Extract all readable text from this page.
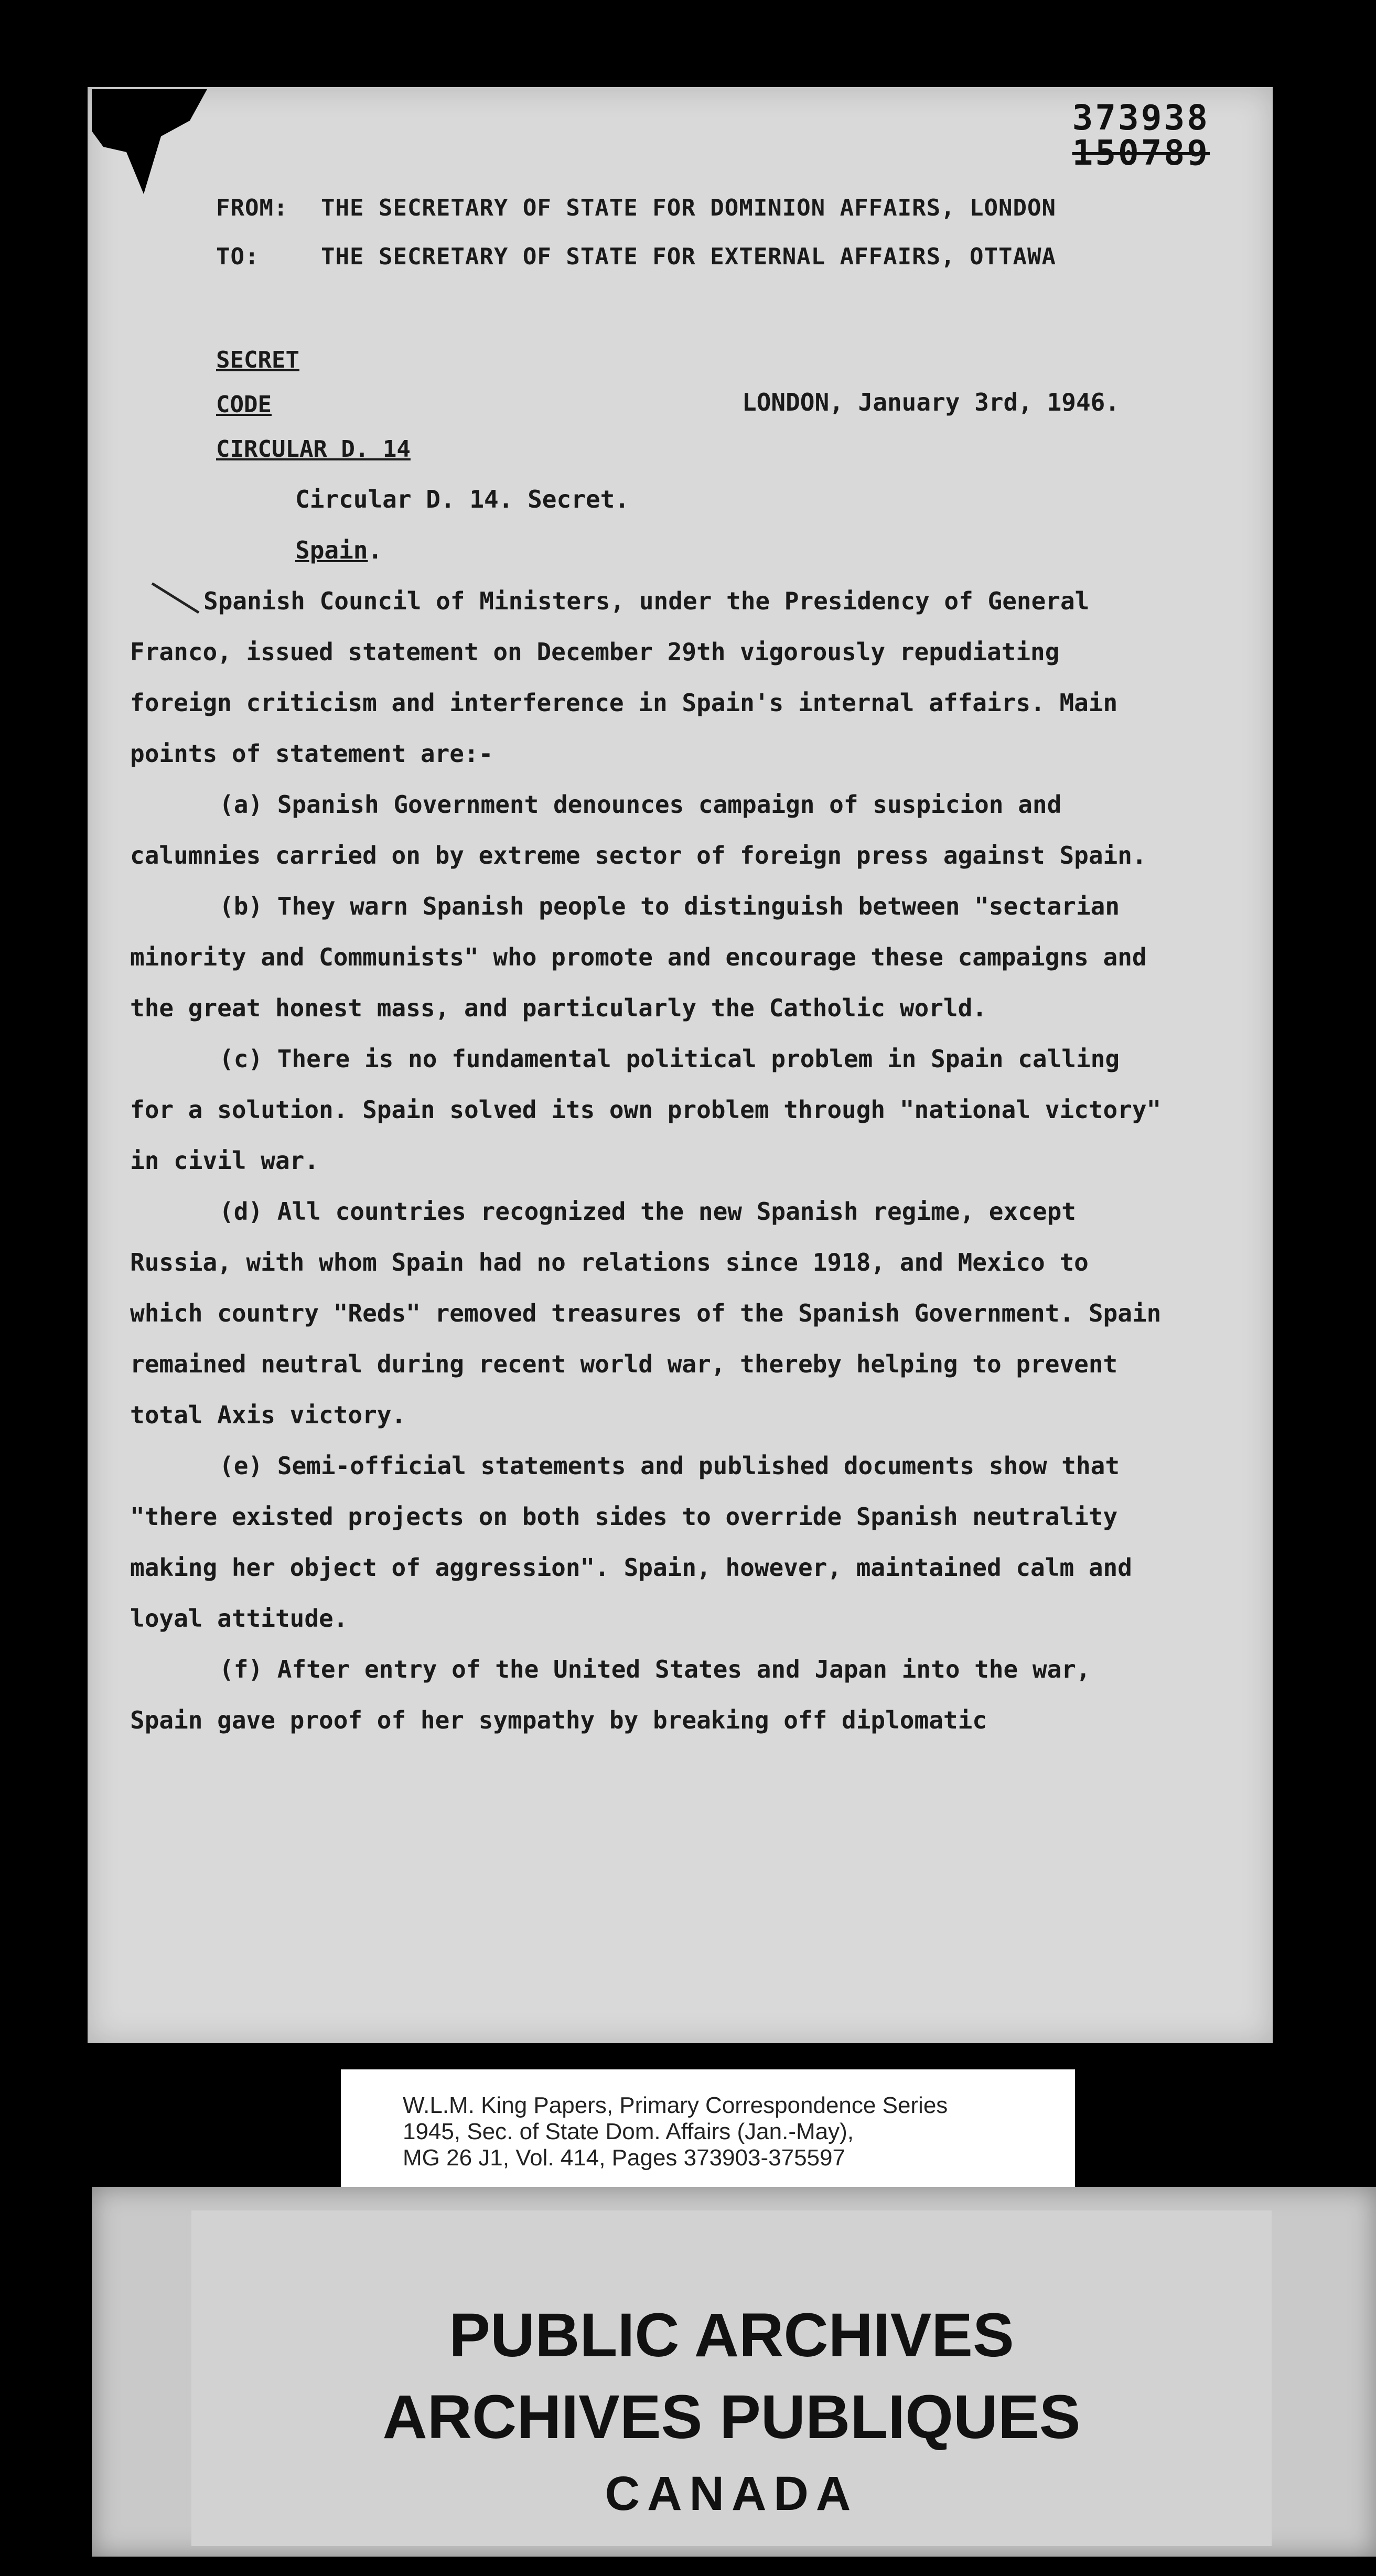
373938
150789
FROM: THE SECRETARY OF STATE FOR DOMINION AFFAIRS, LONDON
TO:	THE SECRETARY OF STATE FOR EXTERNAL AFFAIRS, OTTAWA
SECRET
CODE
CIRCULAR D. 14
LONDON, January 3rd, 1946.

Circular D. 14. Secret.

Spain.

Spanish Council of Ministers, under the Presidency of General Franco, issued statement on December 29th vigorously repudiating foreign criticism and interference in Spain's internal affairs. Main points of statement are:-

(a) Spanish Government denounces campaign of suspicion and calumnies carried on by extreme sector of foreign press against Spain.

(b) They warn Spanish people to distinguish between "sectarian minority and Communists" who promote and encourage these campaigns and the great honest mass, and particularly the Catholic world.

(c) There is no fundamental political problem in Spain calling for a solution. Spain solved its own problem through "national victory" in civil war.

(d) All countries recognized the new Spanish regime, except Russia, with whom Spain had no relations since 1918, and Mexico to which country "Reds" removed treasures of the Spanish Government. Spain remained neutral during recent world war, thereby helping to prevent total Axis victory.

(e) Semi-official statements and published documents show that "there existed projects on both sides to override Spanish neutrality making her object of aggression". Spain, however, maintained calm and loyal attitude.

(f) After entry of the United States and Japan into the war, Spain gave proof of her sympathy by breaking off diplomatic

W.L.M. King Papers, Primary Correspondence Series
1945, Sec. of State Dom. Affairs (Jan.-May),
MG 26 J1, Vol. 414, Pages 373903-375597
PUBLIC ARCHIVES
ARCHIVES PUBLIQUES
CANADA
